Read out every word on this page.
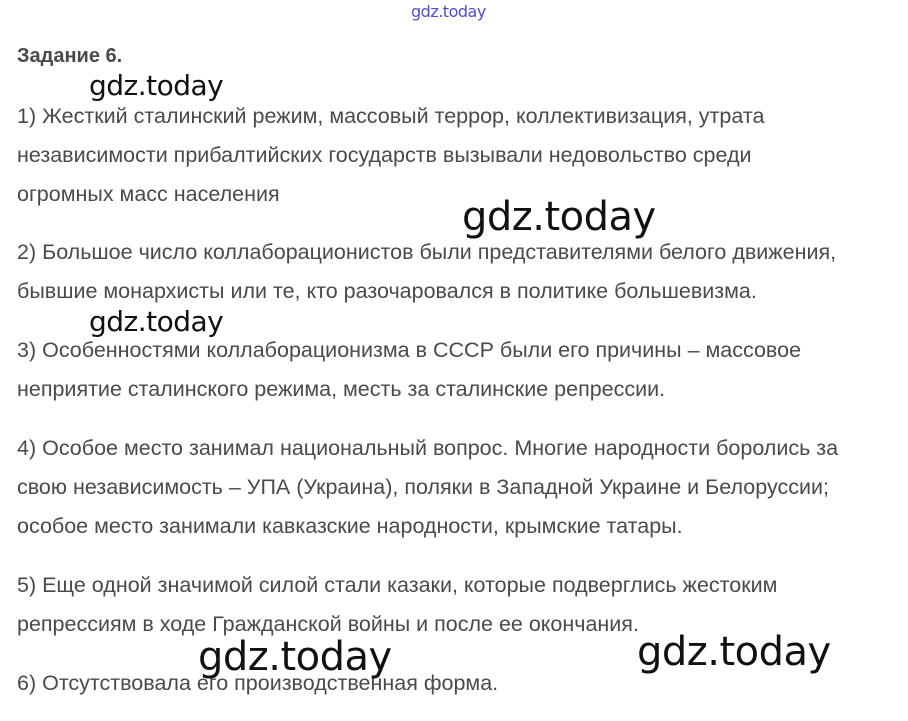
gdz.today
Задание 6.

1) Жесткий сталинский режим, массовый террор, коллективизация, утрата
независимости прибалтийских государств вызывали недовольство среди
огромных масс населения

2) Большое число коллаборационистов были представителями белого движения,
бывшие монархисты или те, кто разочаровался в политике большевизма.

3) Особенностями коллаборационизма в СССР были его причины – массовое
неприятие сталинского режима, месть за сталинские репрессии.

4) Особое место занимал национальный вопрос. Многие народности боролись за
свою независимость – УПА (Украина), поляки в Западной Украине и Белоруссии;
особое место занимали кавказские народности, крымские татары.

5) Еще одной значимой силой стали казаки, которые подверглись жестоким
репрессиям в ходе Гражданской войны и после ее окончания.

6) Отсутствовала его производственная форма.

gdz.today
gdz.today
gdz.today
gdz.today	gdz.today
